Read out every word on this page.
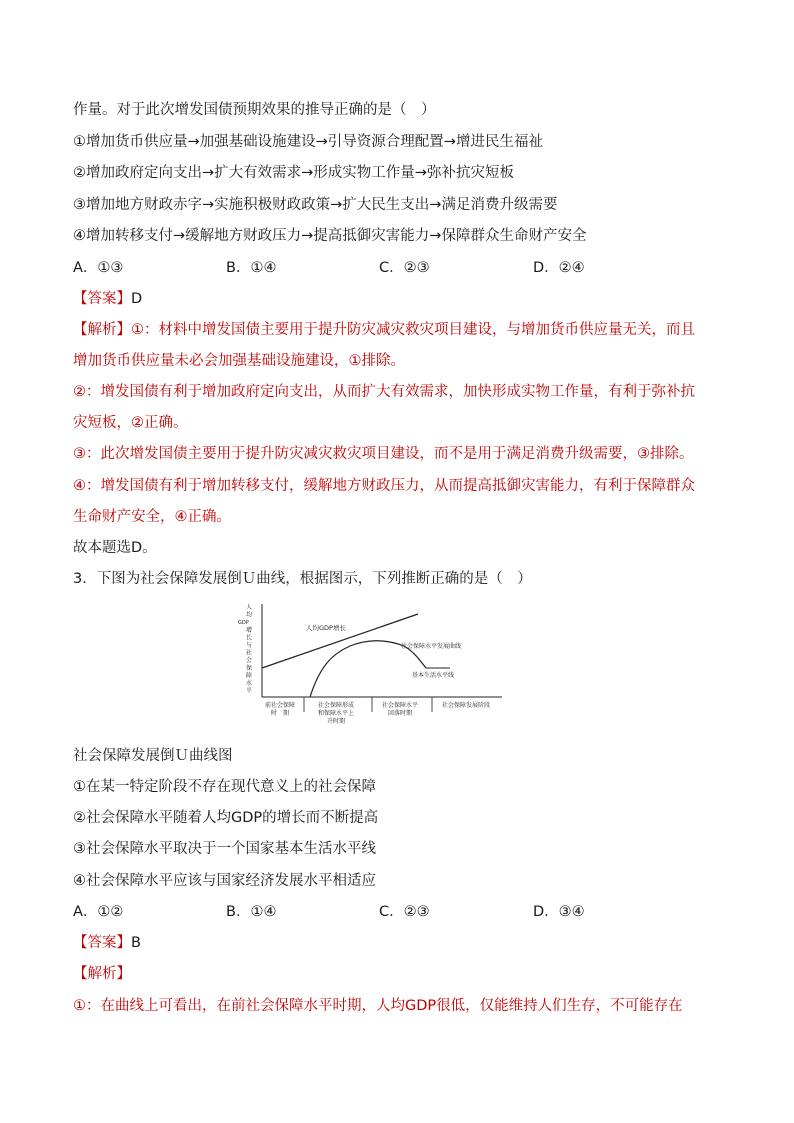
作量。对于此次增发国债预期效果的推导正确的是（　）
①增加货币供应量→加强基础设施建设→引导资源合理配置→增进民生福祉
②增加政府定向支出→扩大有效需求→形成实物工作量→弥补抗灾短板
③增加地方财政赤字→实施积极财政政策→扩大民生支出→满足消费升级需要
④增加转移支付→缓解地方财政压力→提高抵御灾害能力→保障群众生命财产安全
A．①③	B．①④	C．②③	D．②④
【答案】D
【解析】①：材料中增发国债主要用于提升防灾减灾救灾项目建设，与增加货币供应量无关，而且
增加货币供应量未必会加强基础设施建设，①排除。
②：增发国债有利于增加政府定向支出，从而扩大有效需求，加快形成实物工作量，有利于弥补抗
灾短板，②正确。
③：此次增发国债主要用于提升防灾减灾救灾项目建设，而不是用于满足消费升级需要，③排除。
④：增发国债有利于增加转移支付，缓解地方财政压力，从而提高抵御灾害能力，有利于保障群众
生命财产安全，④正确。
故本题选D。
3．下图为社会保障发展倒Ｕ曲线，根据图示，下列推断正确的是（　）
人
均
GDP
增
长
与
社
会
保
障
水
平
人均GDP增长
社会保障水平发展曲线
基本生活水平线
前社会保障
时　期
社会保障形成
和保障水平上
升时期
社会保障水平
回落时期
社会保障发展阶段
社会保障发展倒Ｕ曲线图
①在某一特定阶段不存在现代意义上的社会保障
②社会保障水平随着人均GDP的增长而不断提高
③社会保障水平取决于一个国家基本生活水平线
④社会保障水平应该与国家经济发展水平相适应
A．①②	B．①④	C．②③	D．③④
【答案】B
【解析】
①：在曲线上可看出，在前社会保障水平时期，人均GDP很低，仅能维持人们生存，不可能存在
